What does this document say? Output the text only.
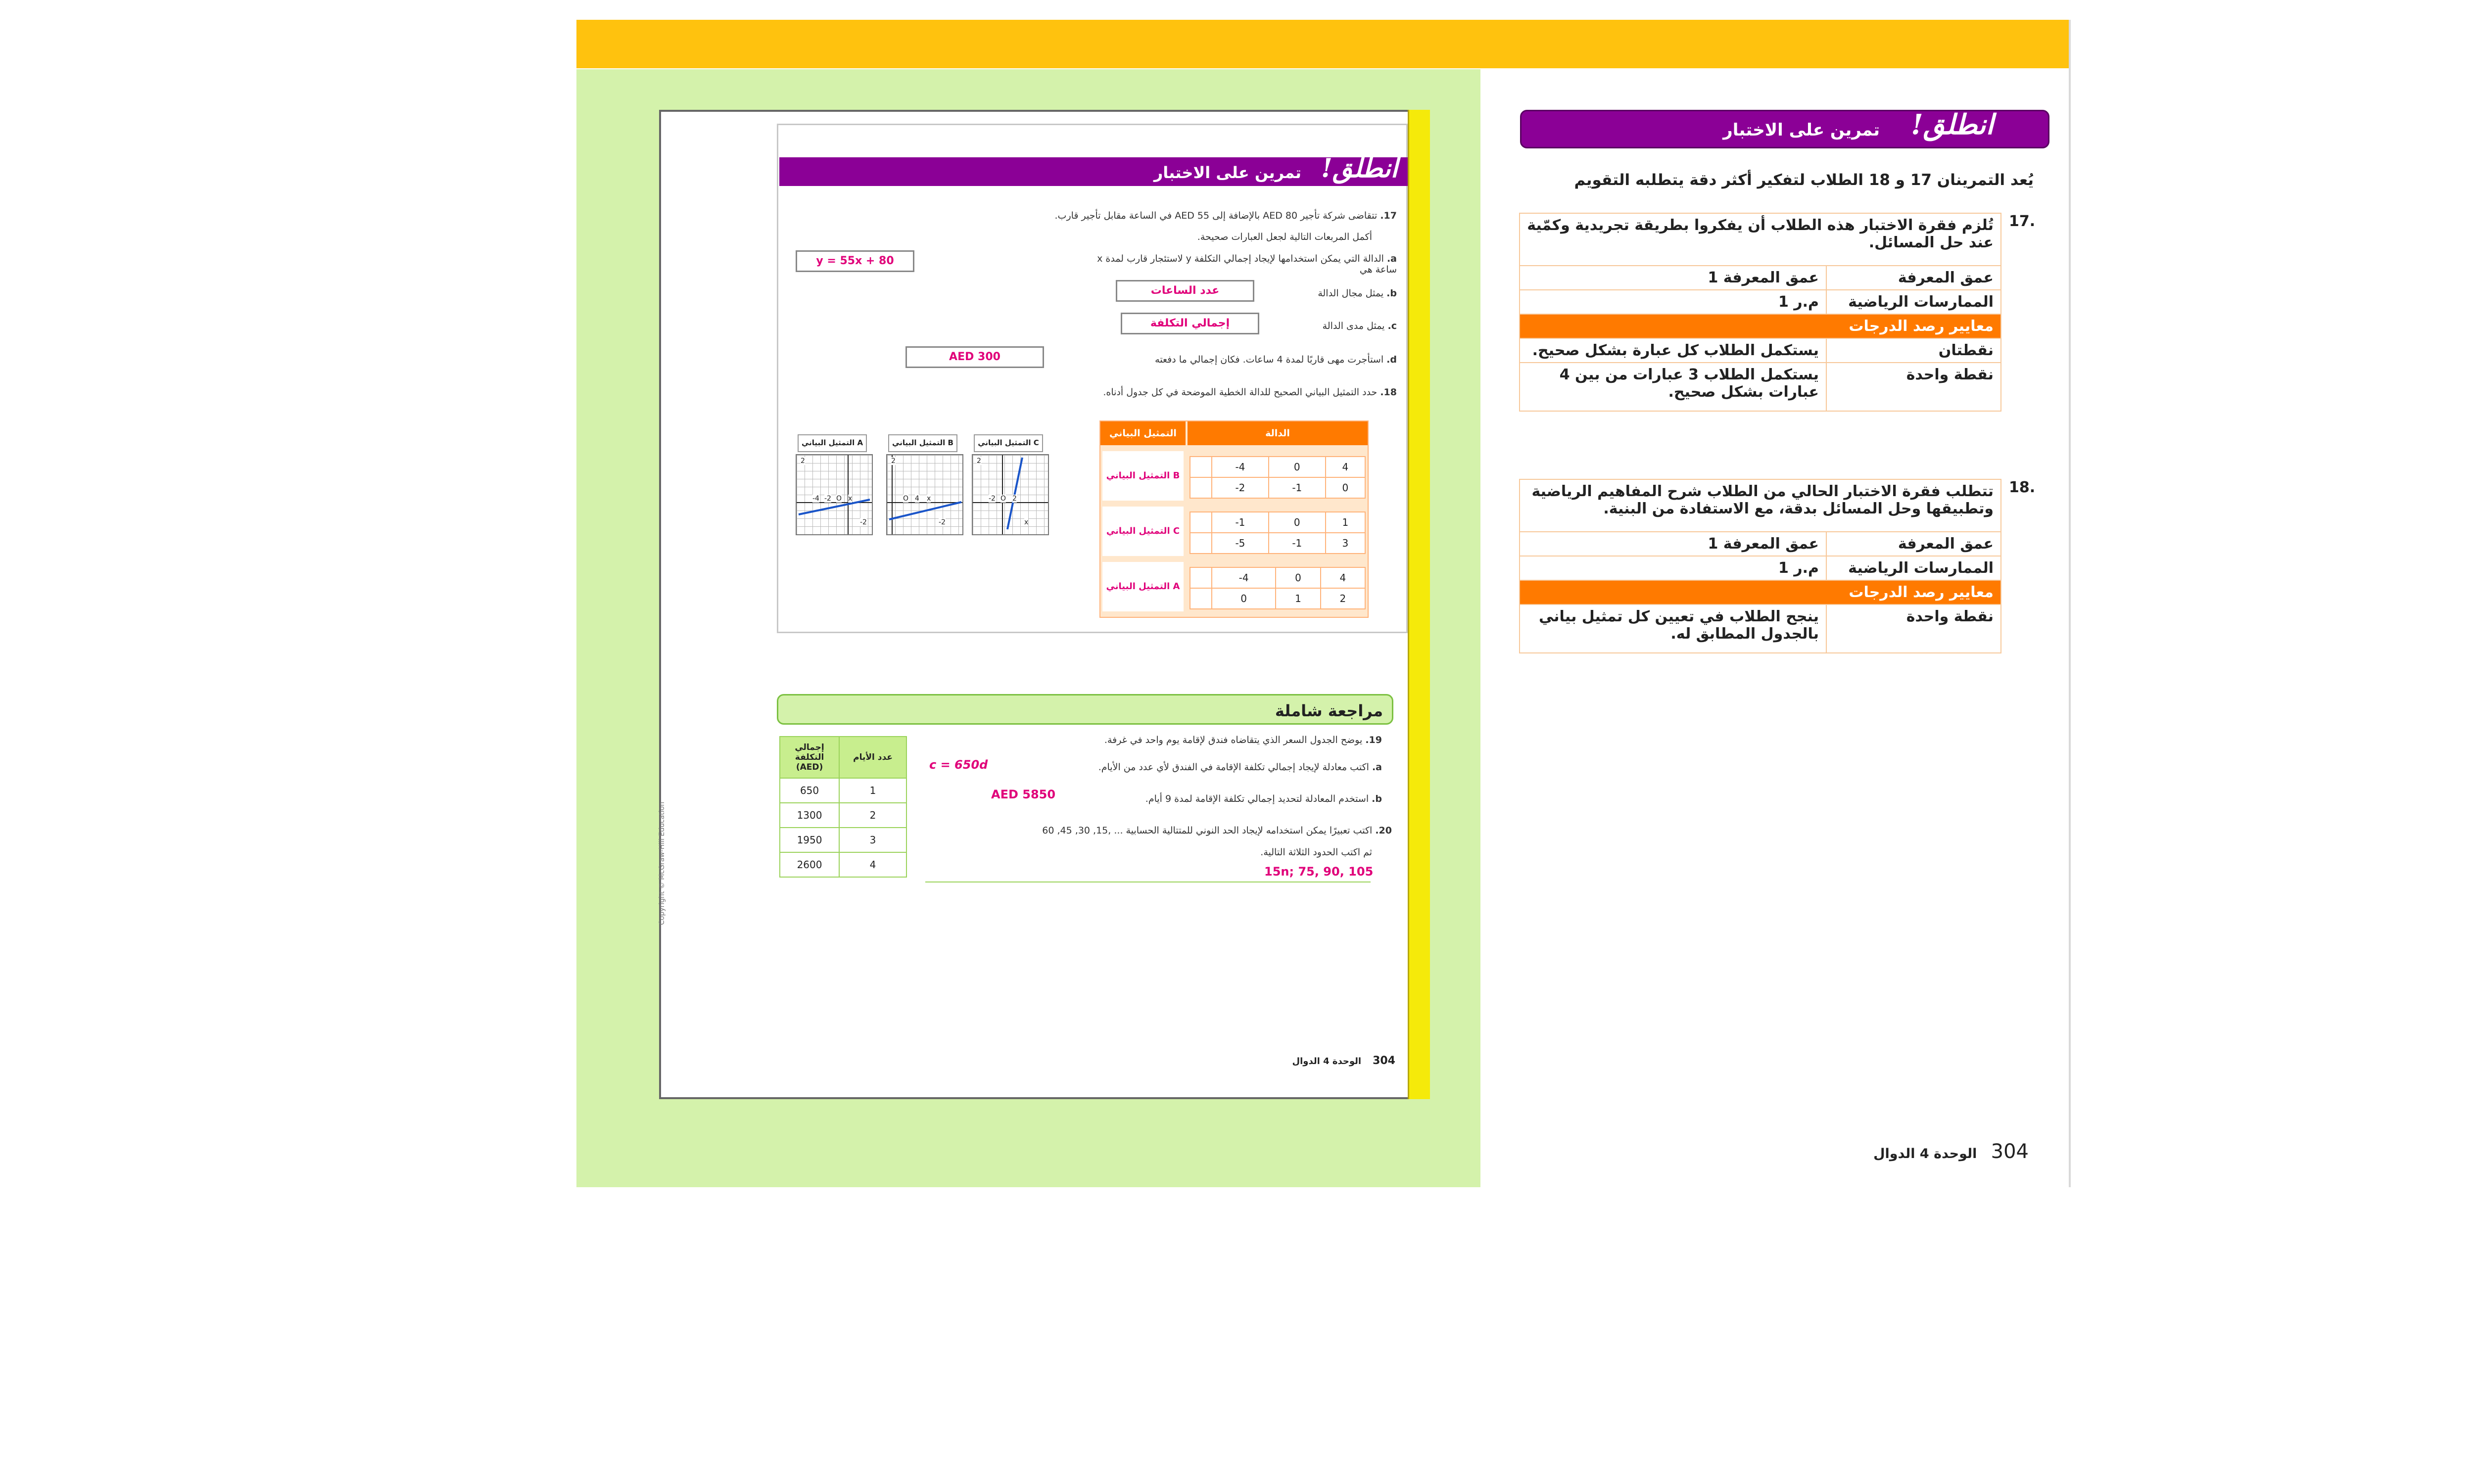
انطلق!
تمرين على الاختبار
17. تتقاضى شركة تأجير AED 80 بالإضافة إلى AED 55 في الساعة مقابل تأجير قارب.
أكمل المربعات التالية لجعل العبارات صحيحة.
a. الدالة التي يمكن استخدامها لإيجاد إجمالي التكلفة y لاستئجار قارب لمدة x ساعة هي
y = 55x + 80
b. يمثل مجال الدالة
عدد الساعات
c. يمثل مدى الدالة
إجمالي التكلفة
d. استأجرت مهى قاربًا لمدة 4 ساعات. فكان إجمالي ما دفعته
AED 300
18. حدد التمثيل البياني الصحيح للدالة الخطية الموضحة في كل جدول أدناه.
التمثيل البياني	الدالة
التمثيل البياني B
x	-4	0	4
y	-2	-1	0
التمثيل البياني C
x	-1	0	1
y	-5	-1	3
التمثيل البياني A
x	-4	0	4
y	0	1	2
التمثيل البياني A
2
-4 -2 O x
-2
التمثيل البياني B
2
O 4 x
-2
التمثيل البياني C
2
-2 O 2
x
مراجعة شاملة
إجمالي التكلفة (AED)	عدد الأيام
650	1
1300	2
1950	3
2600	4
19. يوضح الجدول السعر الذي يتقاضاه فندق لإقامة يوم واحد في غرفة.
a. اكتب معادلة لإيجاد إجمالي تكلفة الإقامة في الفندق لأي عدد من الأيام.
c = 650d
b. استخدم المعادلة لتحديد إجمالي تكلفة الإقامة لمدة 9 أيام.
AED 5850
20. اكتب تعبيرًا يمكن استخدامه لإيجاد الحد النوني للمتتالية الحسابية ... ,15, 30, 45, 60
ثم اكتب الحدود الثلاثة التالية.
15n; 75, 90, 105
Copyright © McGraw-Hill Education
304   الوحدة 4 الدوال
انطلق!
تمرين على الاختبار
يُعد التمرينان 17 و 18 الطلاب لتفكير أكثر دقة يتطلبه التقويم
17.
تُلزم فقرة الاختبار هذه الطلاب أن يفكروا بطريقة تجريدية وكمّية عند حل المسائل.	
عمق المعرفة 1	عمق المعرفة
م.ر 1	الممارسات الرياضية
معايير رصد الدرجات	
يستكمل الطلاب كل عبارة بشكل صحيح.	نقطتان
يستكمل الطلاب 3 عبارات من بين 4 عبارات بشكل صحيح.	نقطة واحدة
18.
تتطلب فقرة الاختبار الحالي من الطلاب شرح المفاهيم الرياضية وتطبيقها وحل المسائل بدقة، مع الاستفادة من البنية.	
عمق المعرفة 1	عمق المعرفة
م.ر 1	الممارسات الرياضية
معايير رصد الدرجات	
ينجح الطلاب في تعيين كل تمثيل بياني بالجدول المطابق له.	نقطة واحدة
304   الوحدة 4 الدوال
